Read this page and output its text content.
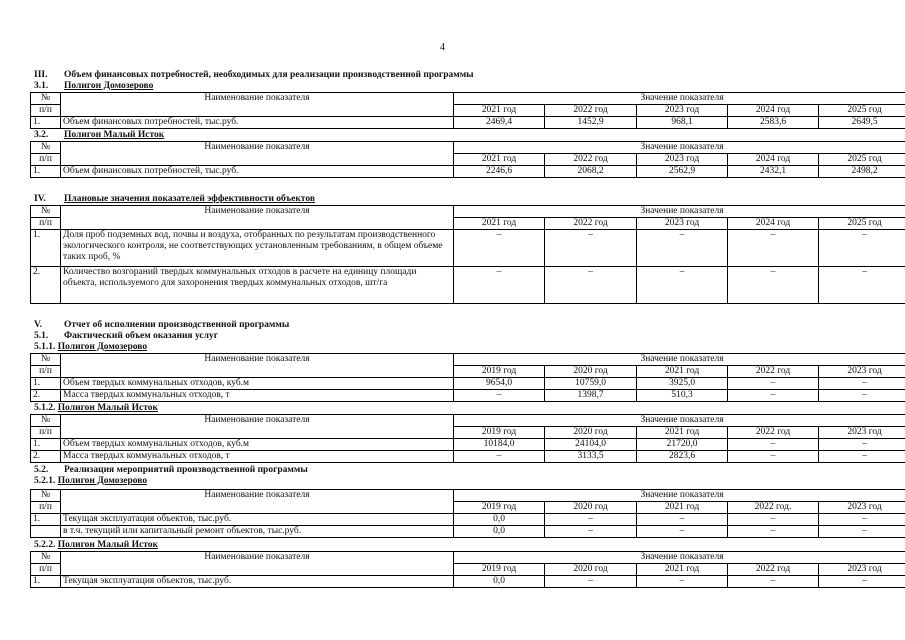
4
III. Объем финансовых потребностей, необходимых для реализации производственной программы
3.1. Полигон Домозерово
№	Наименование показателя	Значение показателя				
п/п		2021 год	2022 год	2023 год	2024 год	2025 год
1.	Объем финансовых потребностей, тыс.руб.	2469,4	1452,9	968,1	2583,6	2649,5
3.2. Полигон Малый Исток
№	Наименование показателя	Значение показателя				
п/п		2021 год	2022 год	2023 год	2024 год	2025 год
1.	Объем финансовых потребностей, тыс.руб.	2246,6	2068,2	2562,9	2432,1	2498,2
IV. Плановые значения показателей эффективности объектов
№	Наименование показателя	Значение показателя				
п/п		2021 год	2022 год	2023 год	2024 год	2025 год
1.	Доля проб подземных вод, почвы и воздуха, отобранных по результатам производственного экологического контроля, не соответствующих установленным требованиям, в общем объеме таких проб, %	–	–	–	–	–
2.	Количество возгораний твердых коммунальных отходов в расчете на единицу площади объекта, используемого для захоронения твердых коммунальных отходов, шт/га	–	–	–	–	–
V. Отчет об исполнении производственной программы
5.1. Фактический объем оказания услуг
5.1.1. Полигон Домозерово
№	Наименование показателя	Значение показателя				
п/п		2019 год	2020 год	2021 год	2022 год	2023 год
1.	Объем твердых коммунальных отходов, куб.м	9654,0	10759,0	3925,0	–	–
2.	Масса твердых коммунальных отходов, т	–	1398,7	510,3	–	–
5.1.2. Полигон Малый Исток
№	Наименование показателя	Значение показателя				
п/п		2019 год	2020 год	2021 год	2022 год	2023 год
1.	Объем твердых коммунальных отходов, куб.м	10184,0	24104,0	21720,0	–	–
2.	Масса твердых коммунальных отходов, т	–	3133,5	2823,6	–	–
5.2. Реализация мероприятий производственной программы
5.2.1. Полигон Домозерово
№	Наименование показателя	Значение показателя				
п/п		2019 год	2020 год	2021 год	2022 год.	2023 год
1.	Текущая эксплуатация объектов, тыс.руб.	0,0	–	–	–	–
	в т.ч. текущий или капитальный ремонт объектов, тыс.руб.	0,0	–	–	–	–
5.2.2. Полигон Малый Исток
№	Наименование показателя	Значение показателя				
п/п		2019 год	2020 год	2021 год	2022 год	2023 год
1.	Текущая эксплуатация объектов, тыс.руб.	0,0	–	–	–	–
